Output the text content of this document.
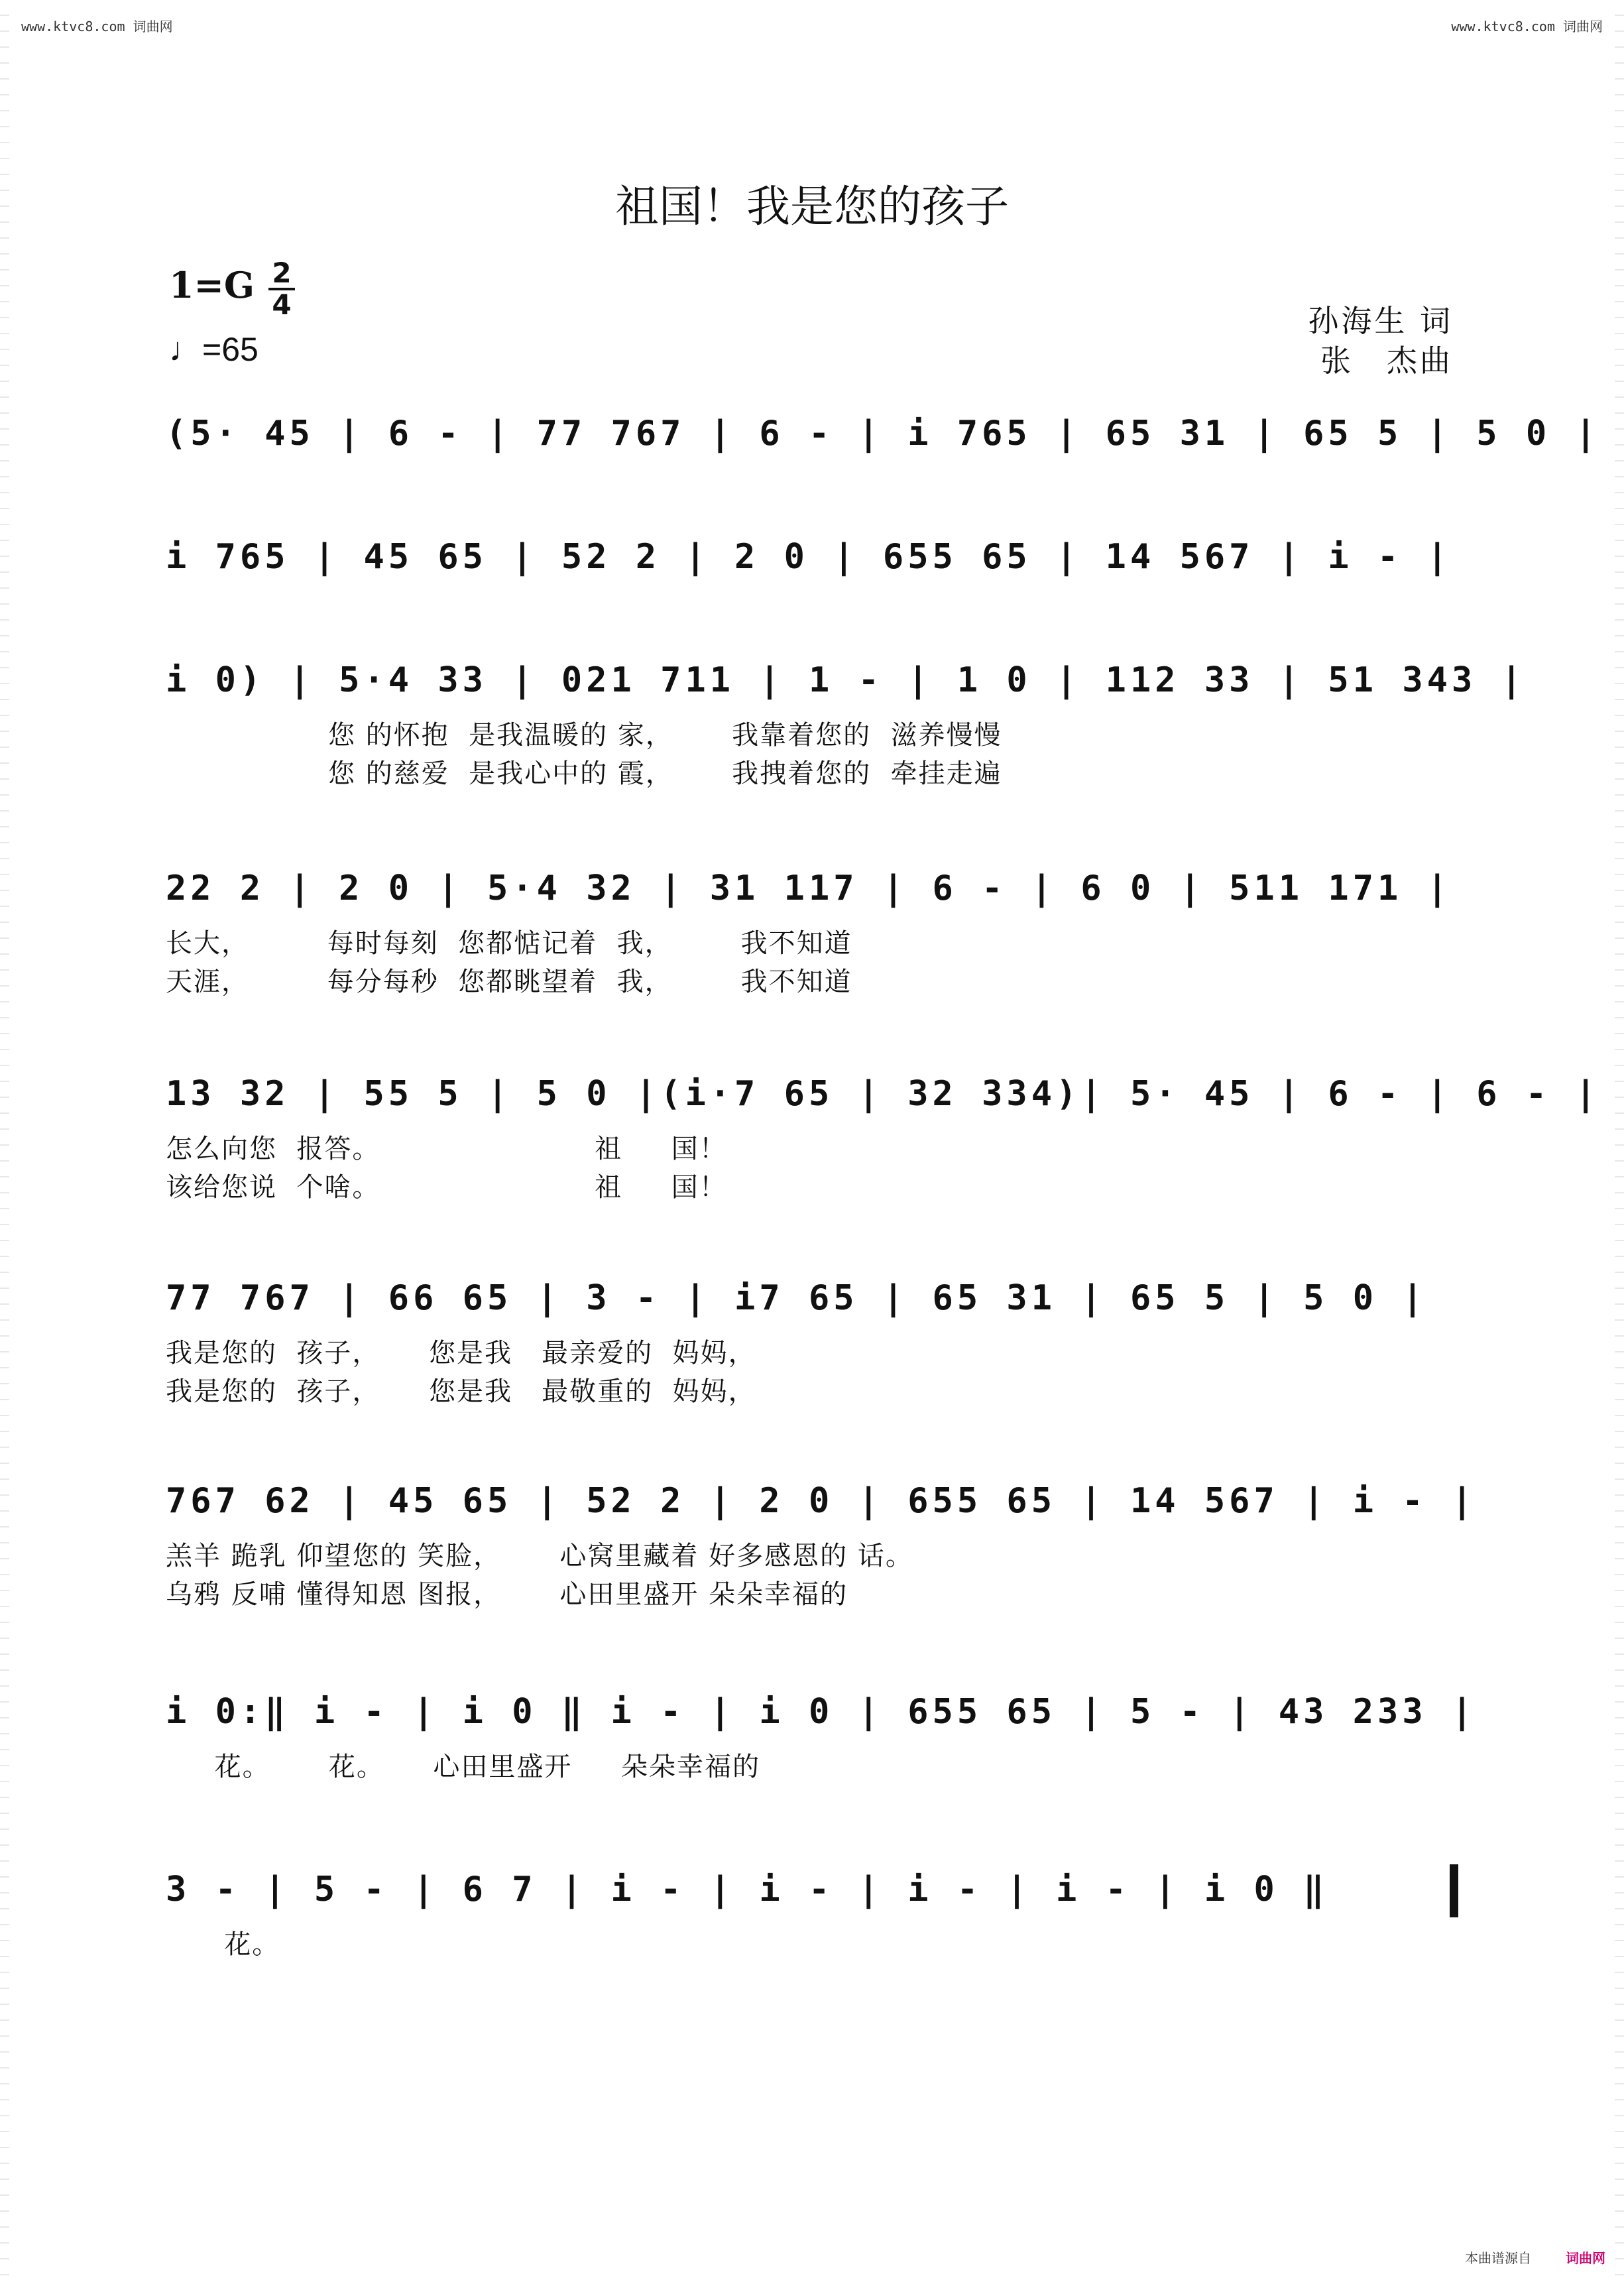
www.ktvc8.com 词曲网	www.ktvc8.com 词曲网
祖国！我是您的孩子
1=G 2
4
♩=65
孙海生 词
张　杰曲
(5· 45 | 6 - | 77 767 | 6 - | i 765 | 65 31 | 65 5 | 5 0 |
i 765 | 45 65 | 52 2 | 2 0 | 655 65 | 14 567 | i - |
i 0) | 5·4 33 | 021 711 | 1 - | 1 0 | 112 33 | 51 343 |
您 的怀抱  是我温暖的 家，      我靠着您的  滋养慢慢
您 的慈爱  是我心中的 霞，      我拽着您的  牵挂走遍
22 2 | 2 0 | 5·4 32 | 31 117 | 6 - | 6 0 | 511 171 |
长大，        每时每刻  您都惦记着  我，       我不知道
天涯，        每分每秒  您都眺望着  我，       我不知道
13 32 | 55 5 | 5 0 |(i·7 65 | 32 334)| 5· 45 | 6 - | 6 - |
怎么向您  报答。                      祖     国！
该给您说  个啥。                      祖     国！
77 767 | 66 65 | 3 - | i7 65 | 65 31 | 65 5 | 5 0 |
我是您的  孩子，     您是我   最亲爱的  妈妈，
我是您的  孩子，     您是我   最敬重的  妈妈，
767 62 | 45 65 | 52 2 | 2 0 | 655 65 | 14 567 | i - |
羔羊 跪乳 仰望您的 笑脸，      心窝里藏着 好多感恩的 话。
乌鸦 反哺 懂得知恩 图报，      心田里盛开 朵朵幸福的
i 0:‖ i - | i 0 ‖ i - | i 0 | 655 65 | 5 - | 43 233 |
花。      花。     心田里盛开     朵朵幸福的
3 - | 5 - | 6 7 | i - | i - | i - | i - | i 0 ‖
花。
本曲谱源自	词曲网
